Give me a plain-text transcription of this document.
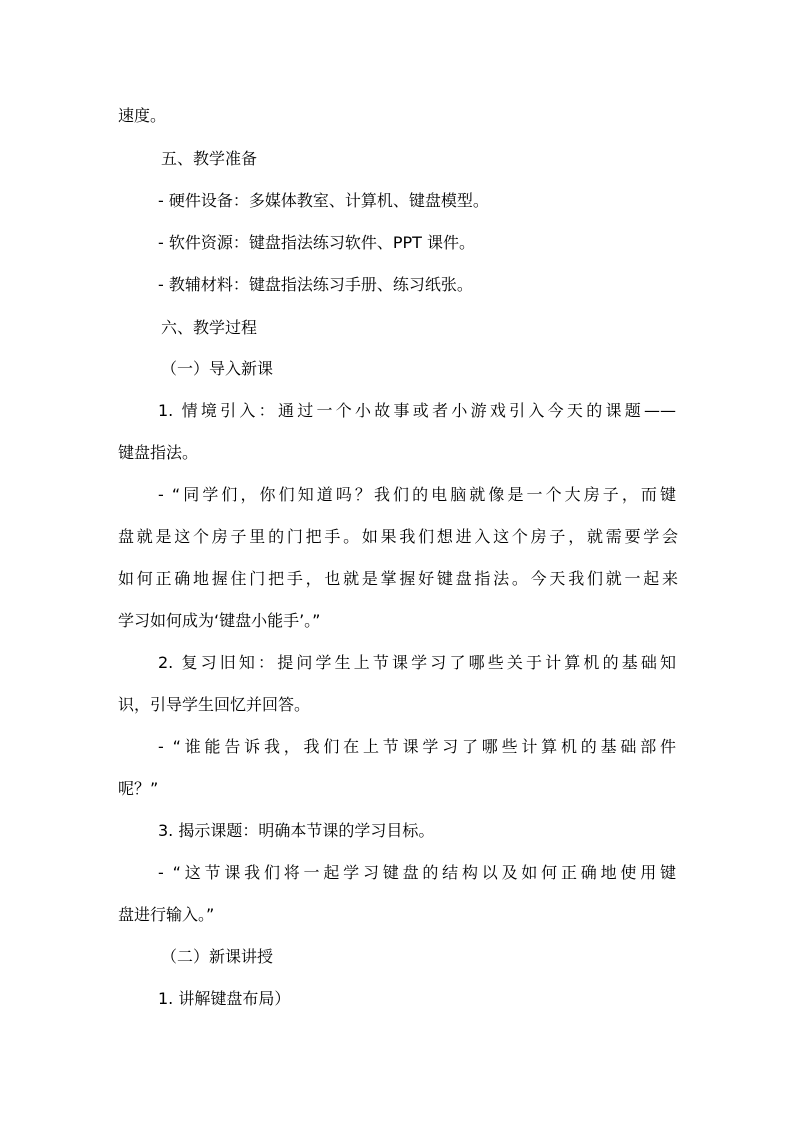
速度。

五、教学准备

- 硬件设备：多媒体教室、计算机、键盘模型。

- 软件资源：键盘指法练习软件、PPT 课件。

- 教辅材料：键盘指法练习手册、练习纸张。

六、教学过程

（一）导入新课

1. 情境引入：通过一个小故事或者小游戏引入今天的课题——

键盘指法。

- “同学们，你们知道吗？我们的电脑就像是一个大房子，而键

盘就是这个房子里的门把手。如果我们想进入这个房子，就需要学会

如何正确地握住门把手，也就是掌握好键盘指法。今天我们就一起来

学习如何成为‘键盘小能手’。”

2. 复习旧知：提问学生上节课学习了哪些关于计算机的基础知

识，引导学生回忆并回答。

- “谁能告诉我，我们在上节课学习了哪些计算机的基础部件

呢？”

3. 揭示课题：明确本节课的学习目标。

- “这节课我们将一起学习键盘的结构以及如何正确地使用键

盘进行输入。”

（二）新课讲授

1. 讲解键盘布局）
